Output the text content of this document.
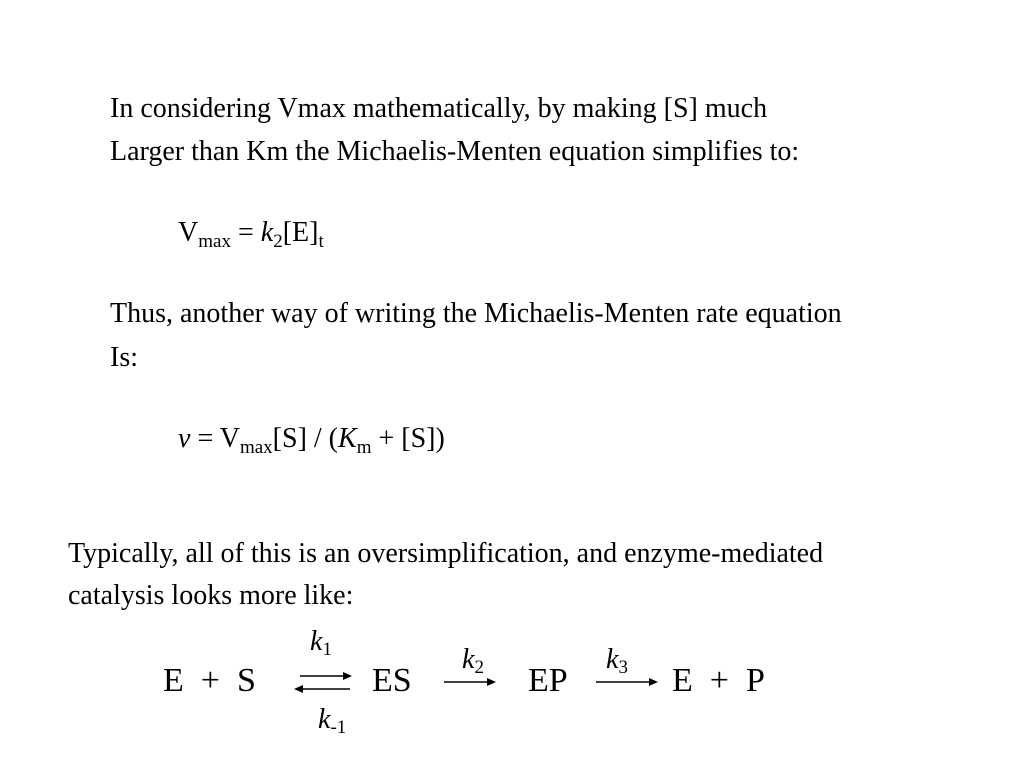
In considering Vmax mathematically, by making [S] much
Larger than Km the Michaelis-Menten equation simplifies to:
$V_{max} = k_2[E]_t$
Thus, another way of writing the Michaelis-Menten rate equation
Is:
$v = V_{max}[S] / (K_m + [S])$
Typically, all of this is an oversimplification, and enzyme-mediated
catalysis looks more like:
E  +  S	ES	EP	E  +  P
$k_1$
$k_{-1}$
$k_2$	$k_3$
